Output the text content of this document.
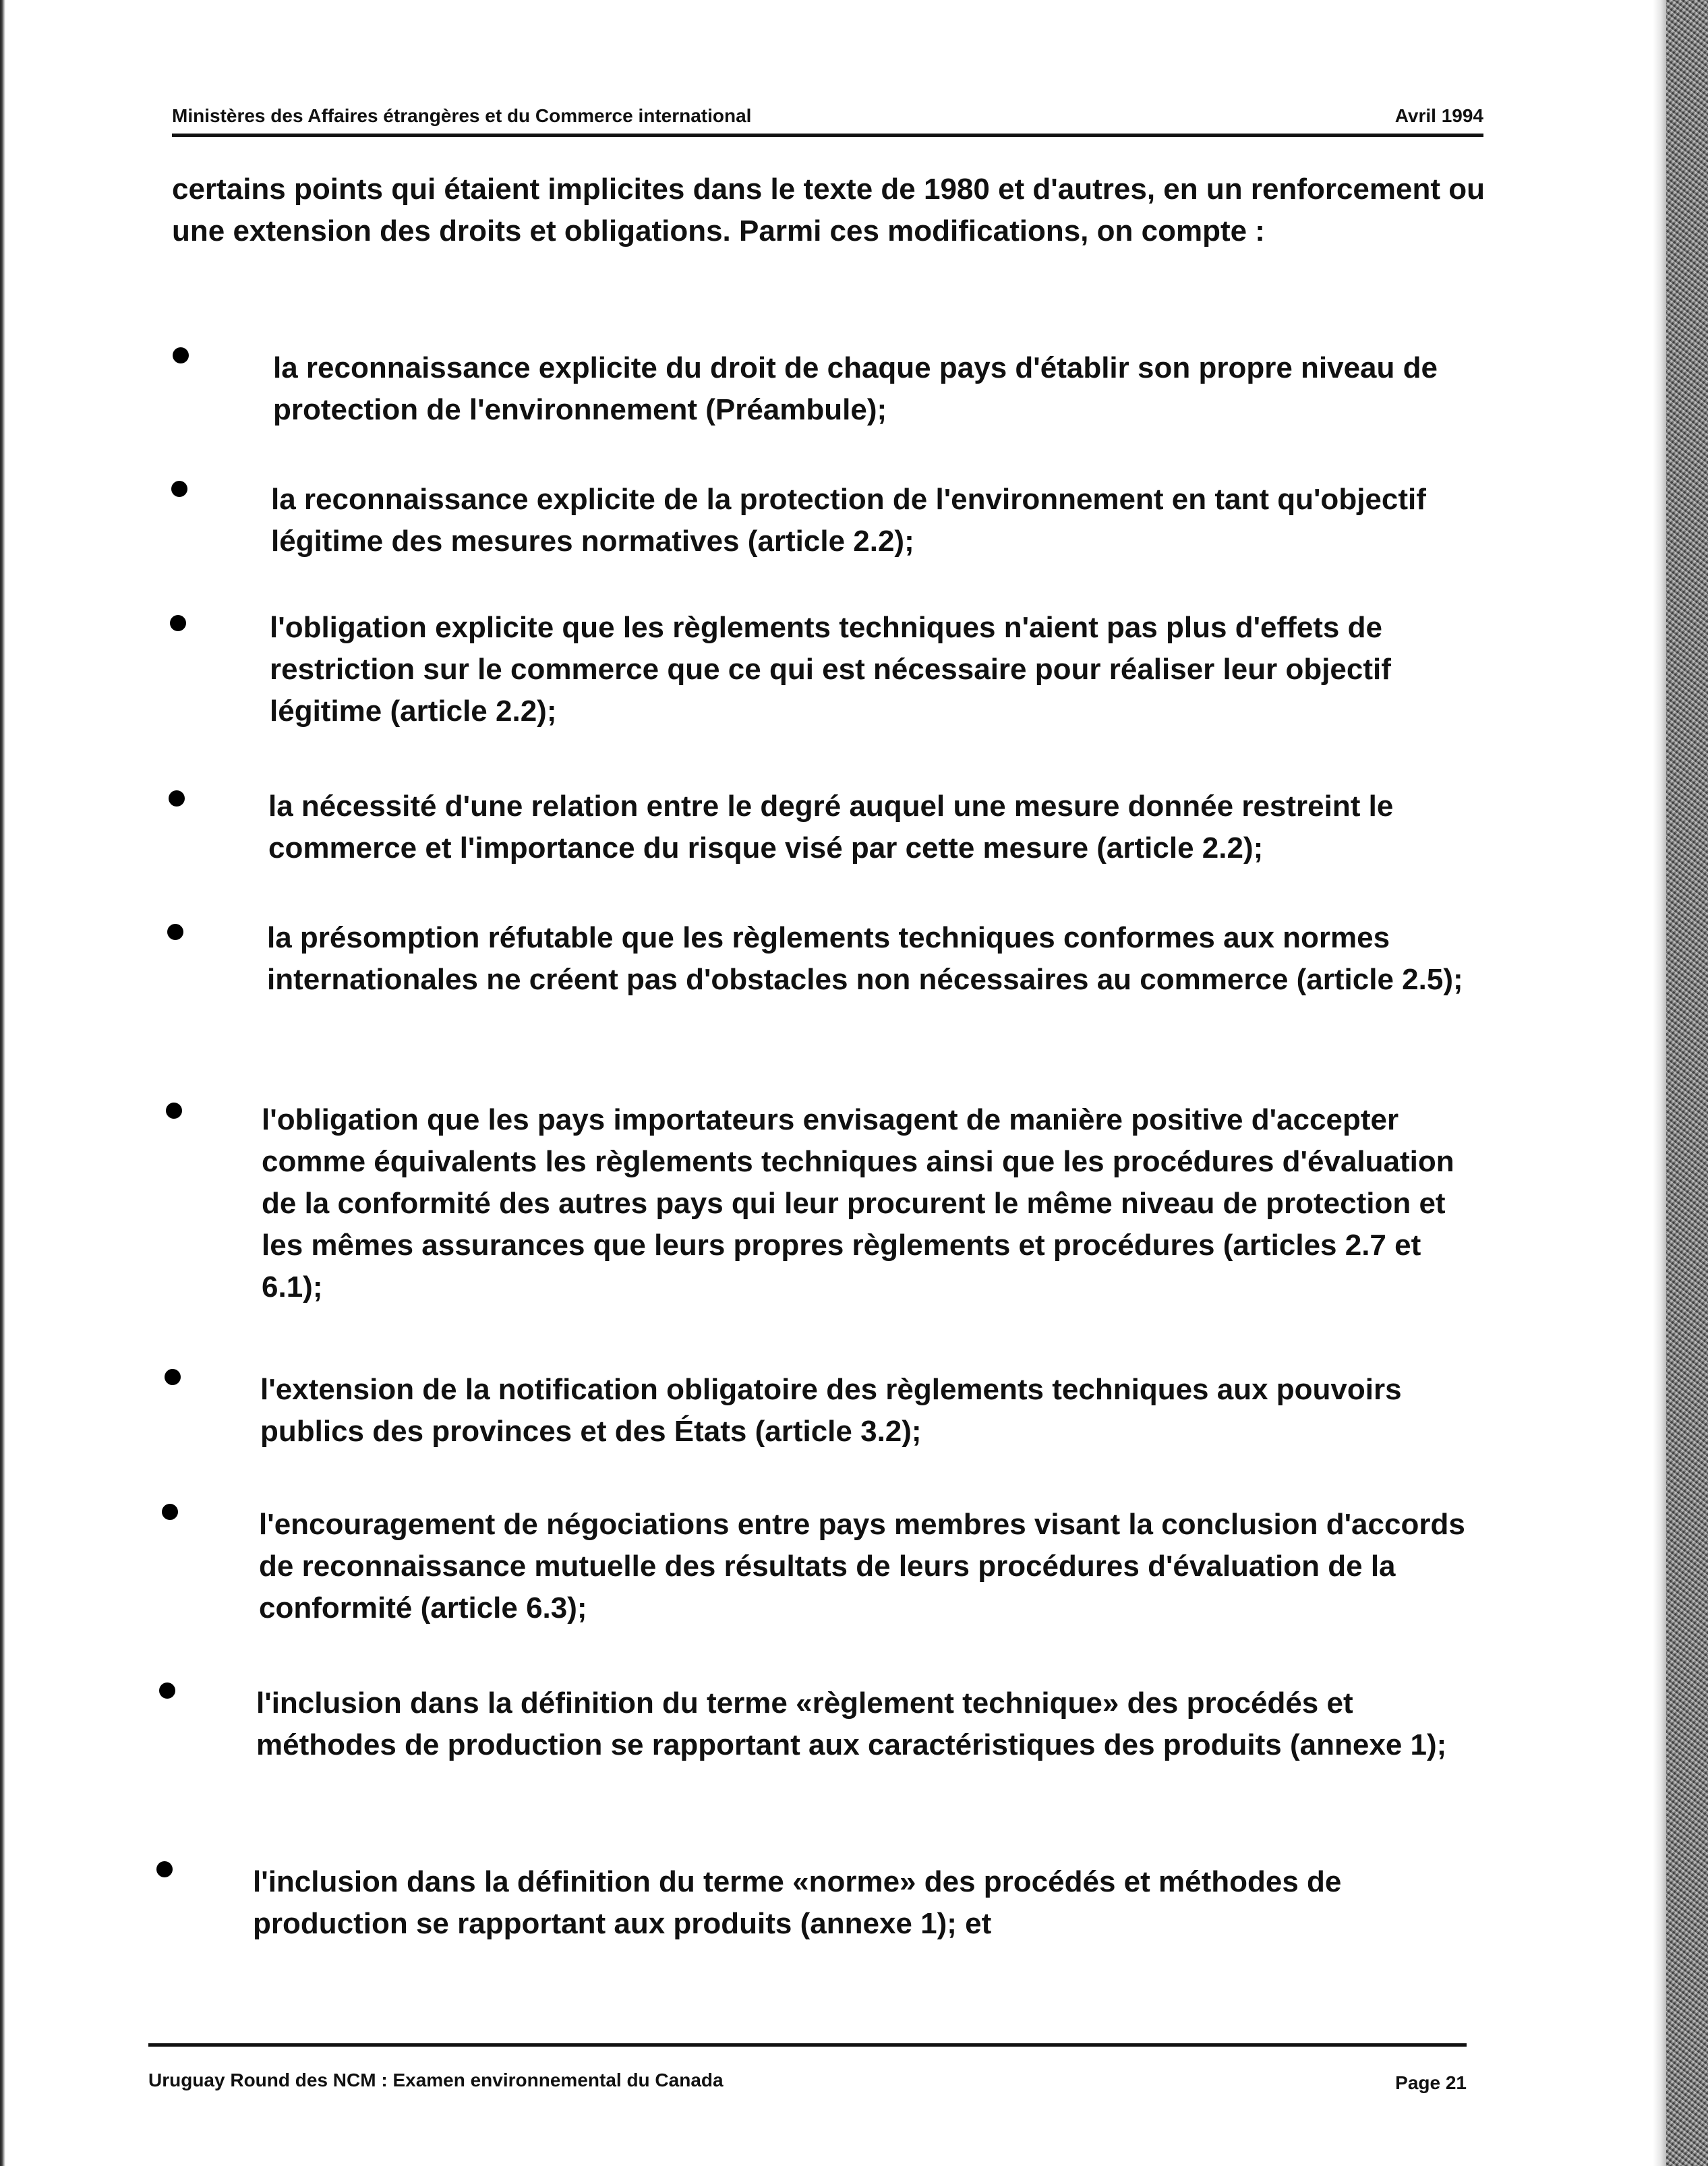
Ministères des Affaires étrangères et du Commerce international	Avril 1994

certains points qui étaient implicites dans le texte de 1980 et d'autres, en un renforcement ou une extension des droits et obligations. Parmi ces modifications, on compte :

la reconnaissance explicite du droit de chaque pays d'établir son propre niveau de protection de l'environnement (Préambule);

la reconnaissance explicite de la protection de l'environnement en tant qu'objectif légitime des mesures normatives (article 2.2);

l'obligation explicite que les règlements techniques n'aient pas plus d'effets de restriction sur le commerce que ce qui est nécessaire pour réaliser leur objectif légitime (article 2.2);

la nécessité d'une relation entre le degré auquel une mesure donnée restreint le commerce et l'importance du risque visé par cette mesure (article 2.2);

la présomption réfutable que les règlements techniques conformes aux normes internationales ne créent pas d'obstacles non nécessaires au commerce (article 2.5);

l'obligation que les pays importateurs envisagent de manière positive d'accepter comme équivalents les règlements techniques ainsi que les procédures d'évaluation de la conformité des autres pays qui leur procurent le même niveau de protection et les mêmes assurances que leurs propres règlements et procédures (articles 2.7 et 6.1);

l'extension de la notification obligatoire des règlements techniques aux pouvoirs publics des provinces et des États (article 3.2);

l'encouragement de négociations entre pays membres visant la conclusion d'accords de reconnaissance mutuelle des résultats de leurs procédures d'évaluation de la conformité (article 6.3);

l'inclusion dans la définition du terme «règlement technique» des procédés et méthodes de production se rapportant aux caractéristiques des produits (annexe 1);

l'inclusion dans la définition du terme «norme» des procédés et méthodes de production se rapportant aux produits (annexe 1); et

Uruguay Round des NCM : Examen environnemental du Canada	Page 21
